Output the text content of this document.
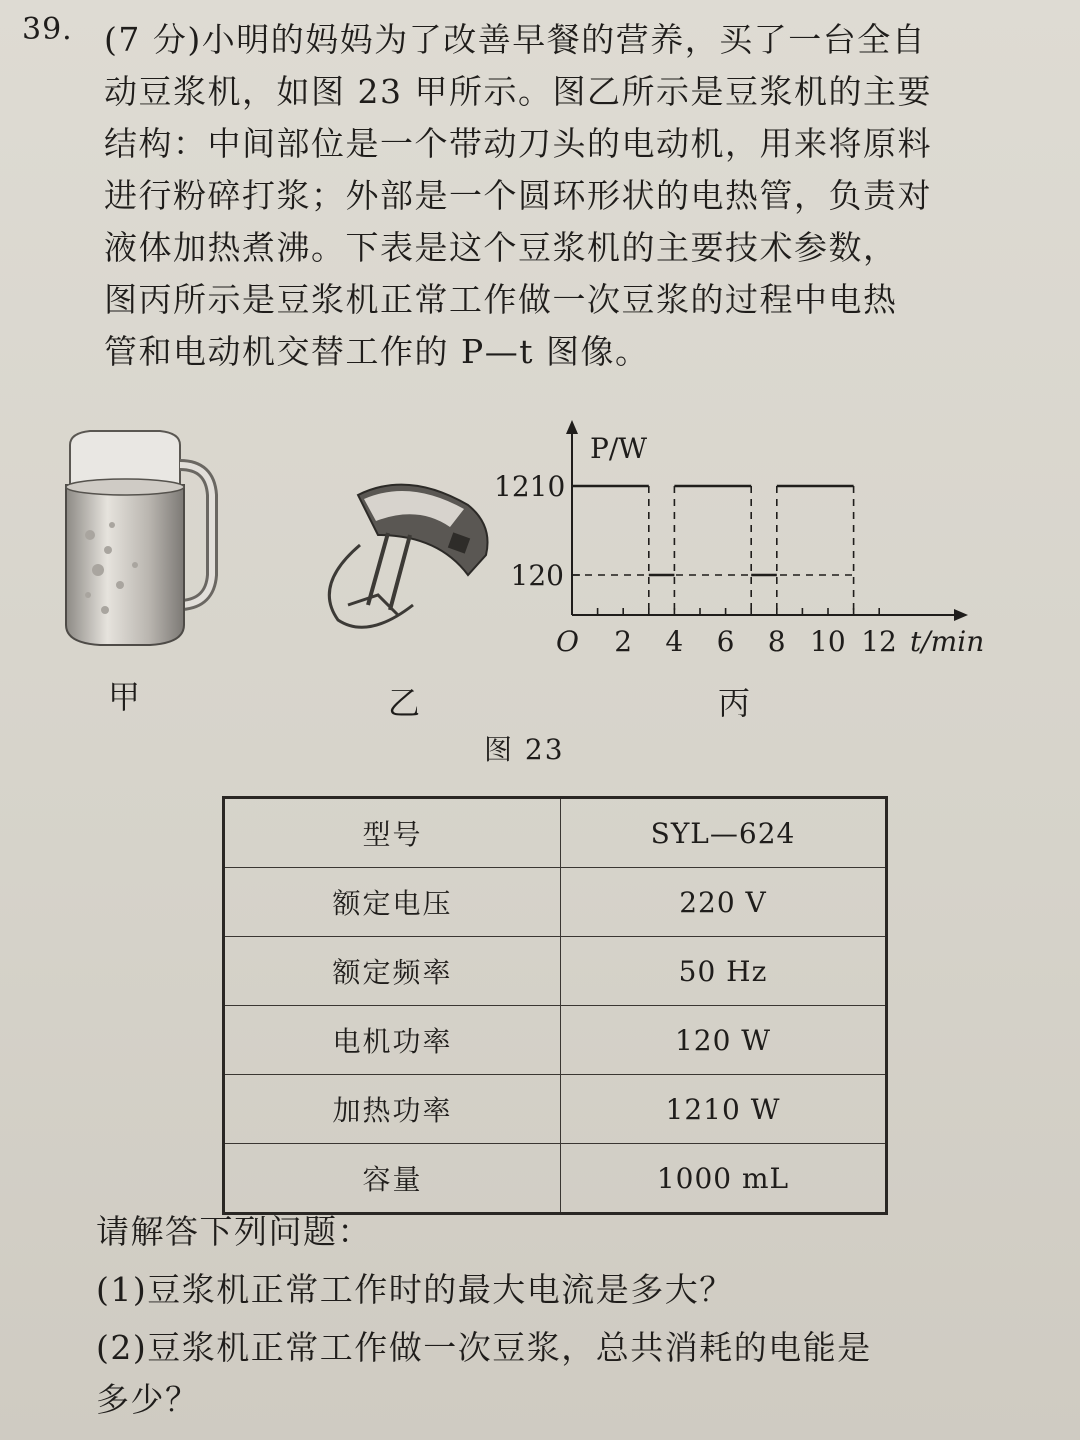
39. (7 分)小明的妈妈为了改善早餐的营养，买了一台全自
动豆浆机，如图 23 甲所示。图乙所示是豆浆机的主要
结构：中间部位是一个带动刀头的电动机，用来将原料
进行粉碎打浆；外部是一个圆环形状的电热管，负责对
液体加热煮沸。下表是这个豆浆机的主要技术参数，
图丙所示是豆浆机正常工作做一次豆浆的过程中电热
管和电动机交替工作的 P—t 图像。
2 4 6 8 10 12
O
120
1210
P/W
t/min
甲	乙	丙
图 23
型号	SYL—624
额定电压	220 V
额定频率	50 Hz
电机功率	120 W
加热功率	1210 W
容量	1000 mL
请解答下列问题：
(1)豆浆机正常工作时的最大电流是多大？
(2)豆浆机正常工作做一次豆浆，总共消耗的电能是
多少？
